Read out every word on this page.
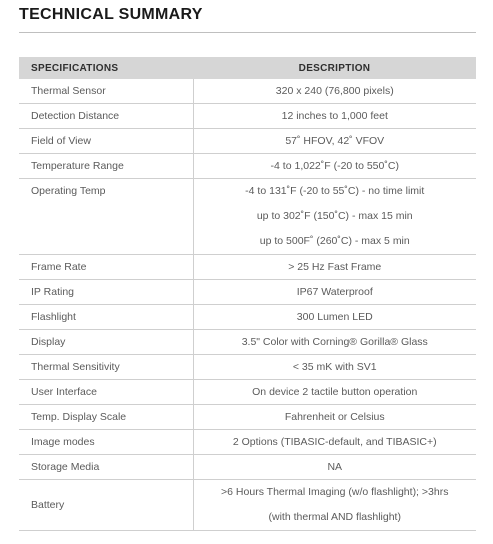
TECHNICAL SUMMARY
SPECIFICATIONS	DESCRIPTION

Thermal Sensor	320 x 240 (76,800 pixels)

Detection Distance	12 inches to 1,000 feet

Field of View	57˚ HFOV, 42˚ VFOV

Temperature Range	-4 to 1,022˚F (-20 to 550˚C)

Operating Temp	-4 to 131˚F (-20 to 55˚C) - no time limit
up to 302˚F (150˚C) - max 15 min
up to 500F˚ (260˚C) - max 5 min

Frame Rate	> 25 Hz Fast Frame

IP Rating	IP67 Waterproof

Flashlight	300 Lumen LED

Display	3.5" Color with Corning® Gorilla® Glass

Thermal Sensitivity	< 35 mK with SV1

User Interface	On device 2 tactile button operation

Temp. Display Scale	Fahrenheit or Celsius

Image modes	2 Options (TIBASIC-default, and TIBASIC+)

Storage Media	NA

Battery	>6 Hours Thermal Imaging (w/o flashlight); >3hrs
(with thermal AND flashlight)
